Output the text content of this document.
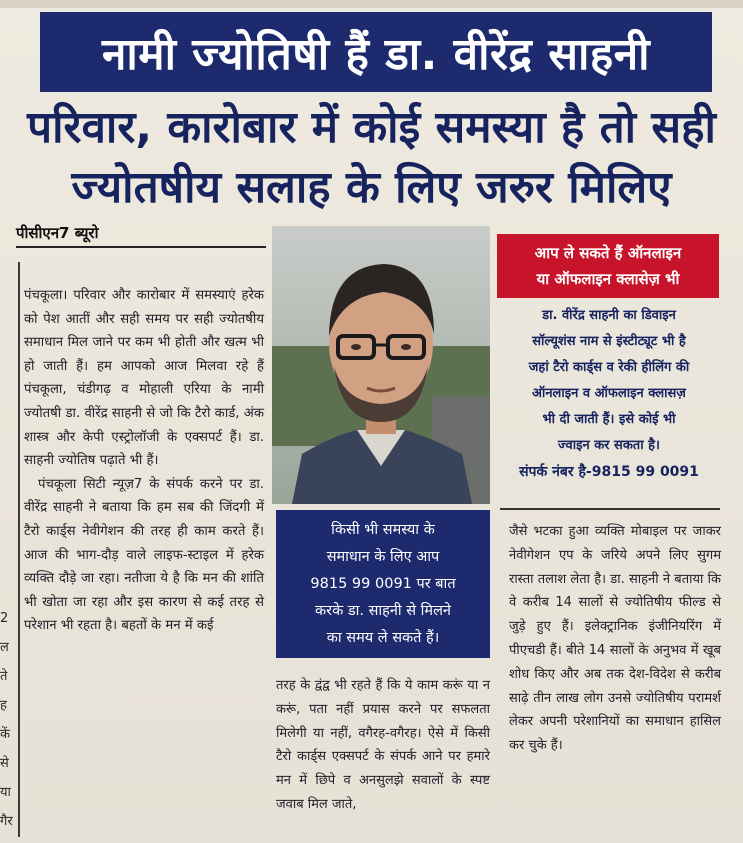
नामी ज्योतिषी हैं डा. वीरेंद्र साहनी
परिवार, कारोबार में कोई समस्या है तो सही
ज्योतषीय सलाह के लिए जरुर मिलिए
पीसीएन7 ब्यूरो
2
ल
ते
ह
कें
से
या
गैर

पंचकूला। परिवार और कारोबार में समस्याएं हरेक को पेश आतीं और सही समय पर सही ज्योतषीय समाधान मिल जाने पर कम भी होती और खत्म भी हो जाती हैं। हम आपको आज मिलवा रहे हैं पंचकूला, चंडीगढ़ व मोहाली एरिया के नामी ज्योतषी डा. वीरेंद्र साहनी से जो कि टैरो कार्ड, अंक शास्त्र और केपी एस्ट्रोलॉजी के एक्सपर्ट हैं। डा. साहनी ज्योतिष पढ़ाते भी हैं।

पंचकूला सिटी न्यूज़7 के संपर्क करने पर डा. वीरेंद्र साहनी ने बताया कि हम सब की जिंदगी में टैरो कार्ड्स नेवीगेशन की तरह ही काम करते हैं। आज की भाग-दौड़ वाले लाइफ-स्टाइल में हरेक व्यक्ति दौड़े जा रहा। नतीजा ये है कि मन की शांति भी खोता जा रहा और इस कारण से कई तरह से परेशान भी रहता है। बहतों के मन में कई

आप ले सकते हैं ऑनलाइन
या ऑफलाइन क्लासेज़ भी
डा. वीरेंद्र साहनी का डिवाइन
सॉल्यूशंस नाम से इंस्टीट्यूट भी है
जहां टैरो कार्ड्स व रेकी हीलिंग की
ऑनलाइन व ऑफलाइन क्लासज़
भी दी जाती हैं। इसे कोई भी
ज्वाइन कर सकता है।
संपर्क नंबर है-9815 99 0091
किसी भी समस्या के
समाधान के लिए आप
9815 99 0091 पर बात
करके डा. साहनी से मिलने
का समय ले सकते हैं।

तरह के द्वंद्व भी रहते हैं कि ये काम करूं या न करूं, पता नहीं प्रयास करने पर सफलता मिलेगी या नहीं, वगैरह-वगैरह। ऐसे में किसी टैरो कार्ड्स एक्सपर्ट के संपर्क आने पर हमारे मन में छिपे व अनसुलझे सवालों के स्पष्ट जवाब मिल जाते,

जैसे भटका हुआ व्यक्ति मोबाइल पर जाकर नेवीगेशन एप के जरिये अपने लिए सुगम रास्ता तलाश लेता है। डा. साहनी ने बताया कि वे करीब 14 सालों से ज्योतिषीय फील्ड से जुड़े हुए हैं। इलेक्ट्रानिक इंजीनियरिंग में पीएचडी हैं। बीते 14 सालों के अनुभव में खूब शोध किए और अब तक देश-विदेश से करीब साढ़े तीन लाख लोग उनसे ज्योतिषीय परामर्श लेकर अपनी परेशानियों का समाधान हासिल कर चुके हैं।
